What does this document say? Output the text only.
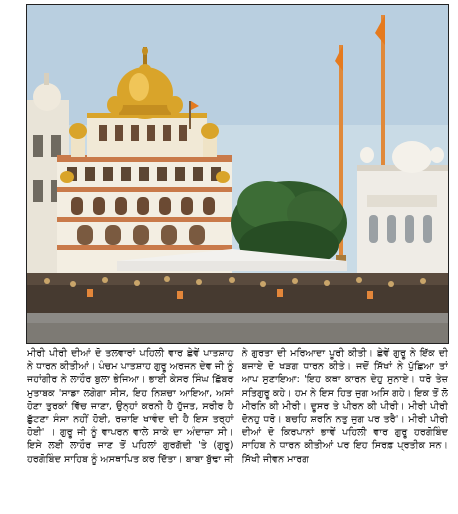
ਮੀਰੀ ਪੀਰੀ ਦੀਆਂ ਦੋ ਤਲਵਾਰਾਂ ਪਹਿਲੀ ਵਾਰ ਛੇਵੇਂ ਪਾਤਸ਼ਾਹ ਨੇ ਧਾਰਨ ਕੀਤੀਆਂ। ਪੰਚਮ ਪਾਤਸ਼ਾਹ ਗੁਰੂ ਅਰਜਨ ਦੇਵ ਜੀ ਨੂੰ ਜਹਾਂਗੀਰ ਨੇ ਲਾਹੌਰ ਬੁਲਾ ਭੇਜਿਆ। ਭਾਈ ਕੇਸਰ ਸਿੰਘ ਛਿੱਬਰ ਮੁਤਾਬਕ 'ਸਾਡਾ ਲਗੇਗਾ ਸੀਸ, ਇਹ ਨਿਸ਼ਚਾ ਆਇਆ, ਅਸਾਂ ਹੋਣਾ ਤੁਰਕਾਂ ਵਿੱਚ ਜਾਣਾ, ਉਨ੍ਹਾਂ ਕਰਨੀ ਹੈ ਹੁੱਜਤ, ਸਰੀਰ ਹੈ ਛੁੱਟਣਾ ਸੰਸਾ ਨਹੀਂ ਹੋਈ, ਰਜ਼ਾਇ ਖਾਵੰਦ ਦੀ ਹੈ ਇਸ ਤਰ੍ਹਾਂ ਹੋਈ' । ਗੁਰੂ ਜੀ ਨੂੰ ਵਾਪਰਨ ਵਾਲੇ ਸਾਕੇ ਦਾ ਅੰਦਾਜ਼ਾ ਸੀ। ਇਸੇ ਲਈ ਲਾਹੌਰ ਜਾਣ ਤੋਂ ਪਹਿਲਾਂ ਗੁਰਗੱਦੀ 'ਤੇ (ਗੁਰੂ) ਹਰਗੋਬਿੰਦ ਸਾਹਿਬ ਨੂੰ ਅਸਥਾਪਿਤ ਕਰ ਦਿੱਤਾ। ਬਾਬਾ ਬੁੱਢਾ ਜੀ

ਨੇ ਗੁਰਤਾ ਦੀ ਮਰਿਆਦਾ ਪੂਰੀ ਕੀਤੀ। ਛੇਵੇਂ ਗੁਰੂ ਨੇ ਇੱਕ ਦੀ ਬਜਾਏ ਦੋ ਖੜਗ ਧਾਰਨ ਕੀਤੇ। ਜਦੋਂ ਸਿੱਖਾਂ ਨੇ ਪੁੱਛਿਆ ਤਾਂ ਆਪ ਸੁਣਾਇਆ: 'ਇਹ ਕਥਾ ਕਾਰਨ ਦੇਹੁ ਸੁਨਾਏ। ਧਰੋ ਤੇਜ਼ ਸਤਿਗੁਰੂ ਕਹੇ। ਹਮ ਨੇ ਇਸ ਹਿਤ ਜੁਗ ਅਸਿ ਗਹੇ। ਇਕ ਤੋਂ ਲੋ ਮੀਰਨਿ ਕੀ ਮੀਰੀ। ਦੂਸਰ ਤੇ ਪੀਰਨ ਕੀ ਪੀਰੀ। ਮੀਰੀ ਪੀਰੀ ਦੋਨਹੁ ਧਰੋ। ਬਚਹਿ ਸ਼ਰਨਿ ਨਤੁ ਜੁਗ ਪਰ ਤਰੈ'। ਮੀਰੀ ਪੀਰੀ ਦੀਆਂ ਦੋ ਕਿਰਪਾਨਾਂ ਭਾਵੇਂ ਪਹਿਲੀ ਵਾਰ ਗੁਰੂ ਹਰਗੋਬਿੰਦ ਸਾਹਿਬ ਨੇ ਧਾਰਨ ਕੀਤੀਆਂ ਪਰ ਇਹ ਸਿਰਫ਼ ਪ੍ਰਤੀਕ ਸਨ। ਸਿੱਖੀ ਜੀਵਨ ਮਾਰਗ
